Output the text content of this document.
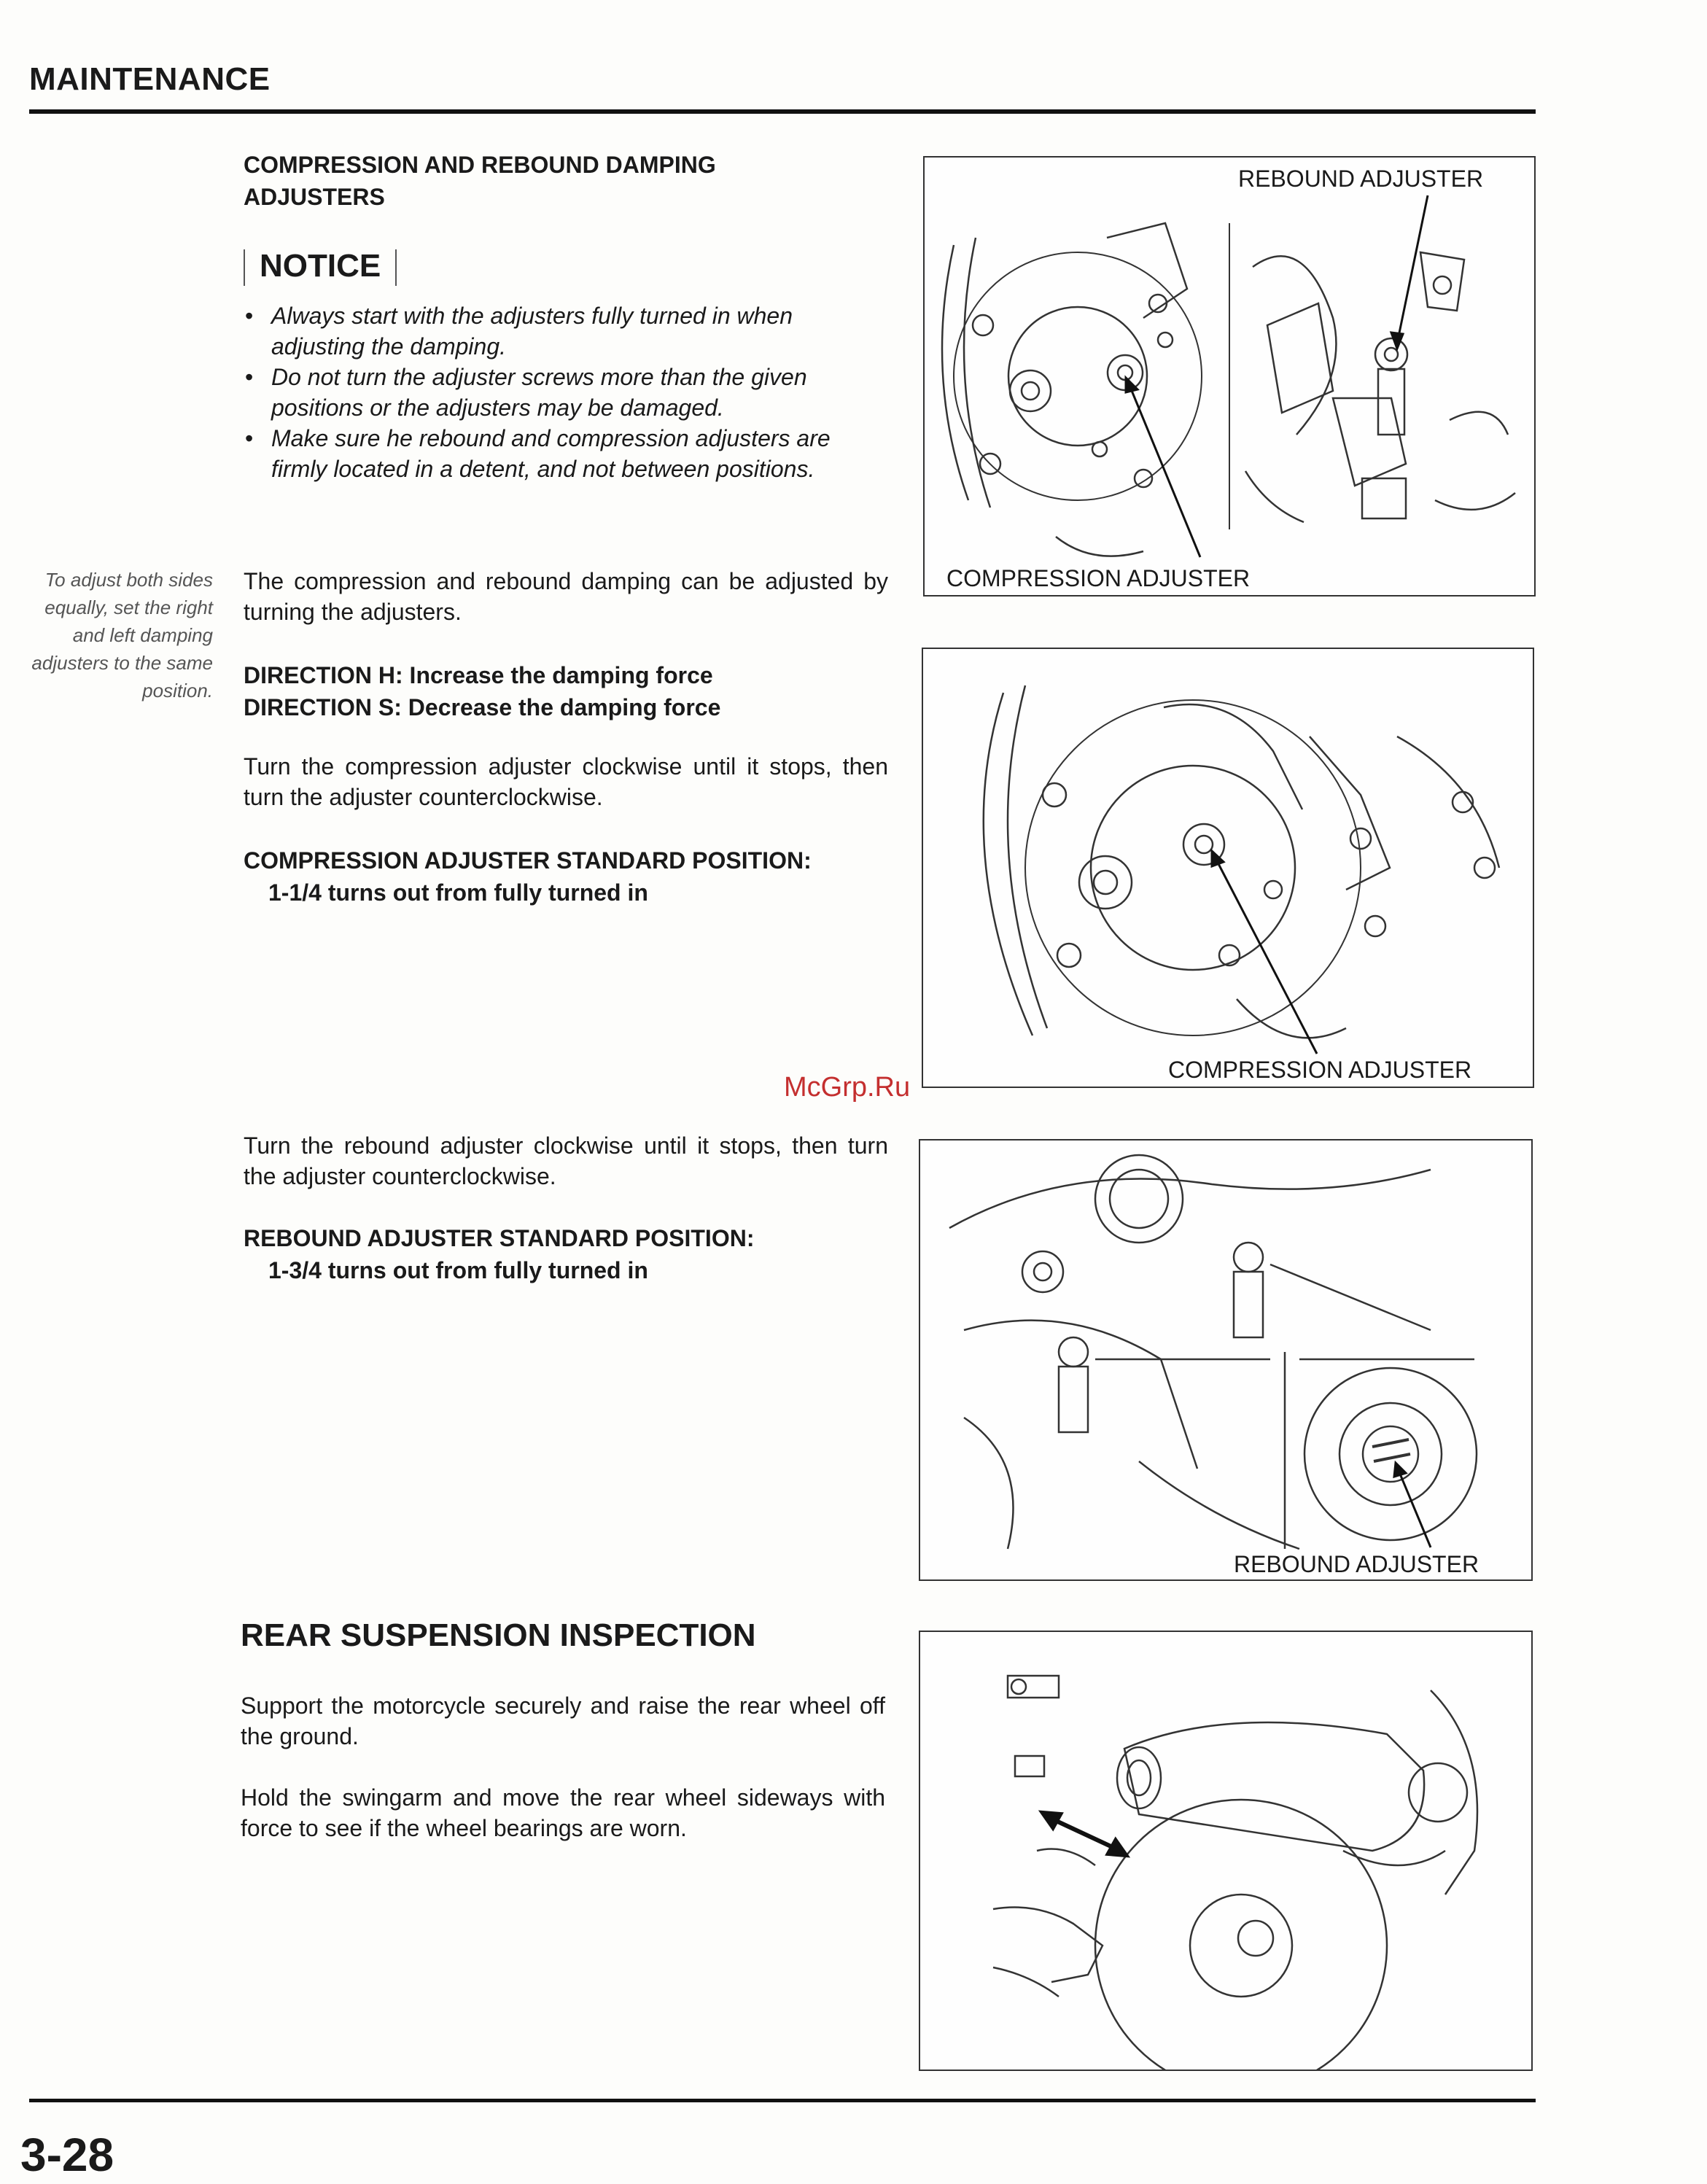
MAINTENANCE
COMPRESSION AND REBOUND DAMPING
ADJUSTERS
NOTICE
• Always start with the adjusters fully turned in when adjusting the damping.
• Do not turn the adjuster screws more than the given positions or the adjusters may be damaged.
• Make sure he rebound and compression adjusters are firmly located in a detent, and not between positions.
To adjust both sides equally, set the right and left damping adjusters to the same position.
The compression and rebound damping can be adjusted by turning the adjusters.
DIRECTION H: Increase the damping force
DIRECTION S: Decrease the damping force
Turn the compression adjuster clockwise until it stops, then turn the adjuster counterclockwise.
COMPRESSION ADJUSTER STANDARD POSITION:
1-1/4 turns out from fully turned in
Turn the rebound adjuster clockwise until it stops, then turn the adjuster counterclockwise.
REBOUND ADJUSTER STANDARD POSITION:
1-3/4 turns out from fully turned in
REAR SUSPENSION INSPECTION
Support the motorcycle securely and raise the rear wheel off the ground.
Hold the swingarm and move the rear wheel sideways with force to see if the wheel bearings are worn.
McGrp.Ru
REBOUND ADJUSTER
COMPRESSION ADJUSTER
COMPRESSION ADJUSTER
REBOUND ADJUSTER
3-28
